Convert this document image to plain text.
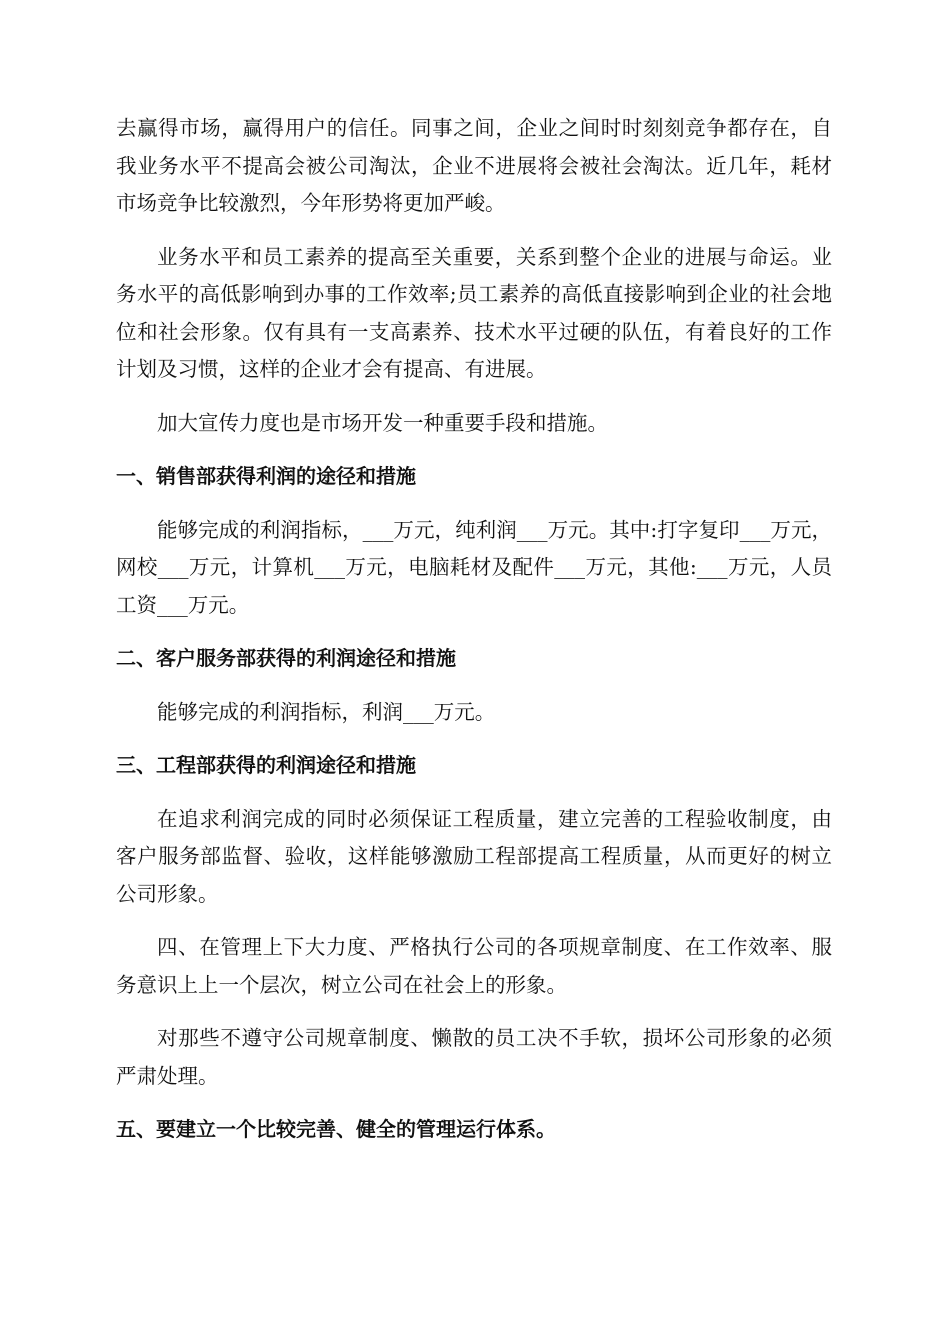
去赢得市场，赢得用户的信任。同事之间，企业之间时时刻刻竞争都存在，自我业务水平不提高会被公司淘汰，企业不进展将会被社会淘汰。近几年，耗材市场竞争比较激烈，今年形势将更加严峻。

业务水平和员工素养的提高至关重要，关系到整个企业的进展与命运。业务水平的高低影响到办事的工作效率;员工素养的高低直接影响到企业的社会地位和社会形象。仅有具有一支高素养、技术水平过硬的队伍，有着良好的工作计划及习惯，这样的企业才会有提高、有进展。

加大宣传力度也是市场开发一种重要手段和措施。

一、销售部获得利润的途径和措施

能够完成的利润指标，___万元，纯利润___万元。其中:打字复印___万元，网校___万元，计算机___万元，电脑耗材及配件___万元，其他:___万元，人员工资___万元。

二、客户服务部获得的利润途径和措施

能够完成的利润指标，利润___万元。

三、工程部获得的利润途径和措施

在追求利润完成的同时必须保证工程质量，建立完善的工程验收制度，由客户服务部监督、验收，这样能够激励工程部提高工程质量，从而更好的树立公司形象。

四、在管理上下大力度、严格执行公司的各项规章制度、在工作效率、服务意识上上一个层次，树立公司在社会上的形象。

对那些不遵守公司规章制度、懒散的员工决不手软，损坏公司形象的必须严肃处理。

五、要建立一个比较完善、健全的管理运行体系。
